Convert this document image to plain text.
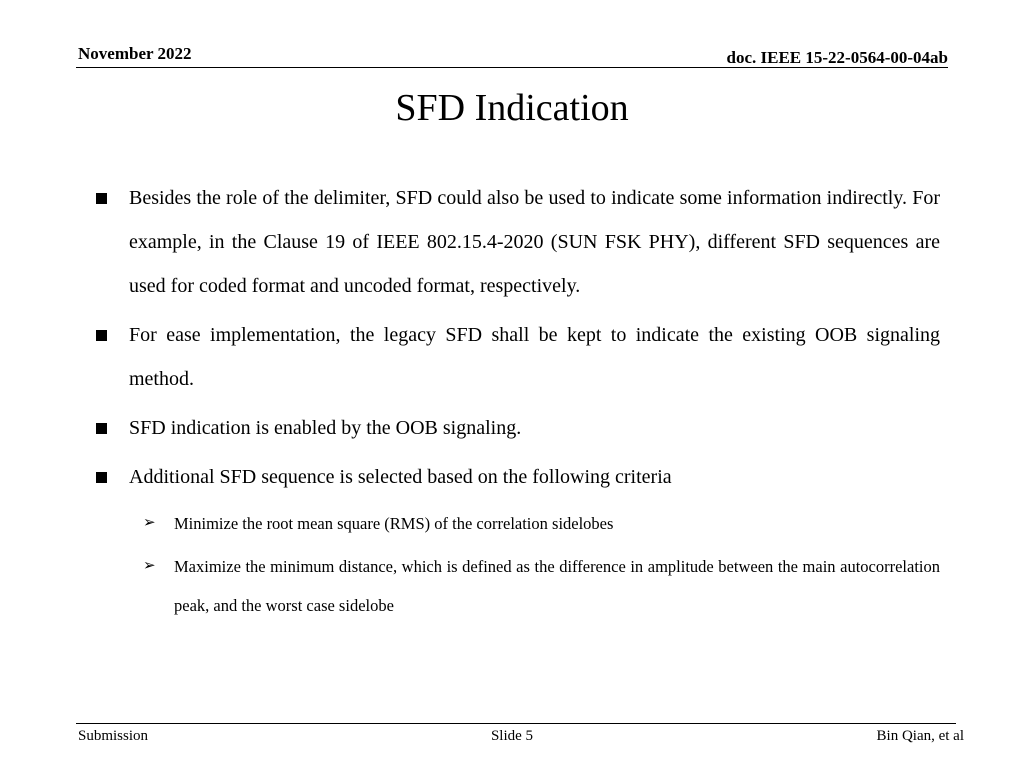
November 2022	doc. IEEE 15-22-0564-00-04ab
SFD Indication
Besides the role of the delimiter, SFD could also be used to indicate some information indirectly. For example, in the Clause 19 of IEEE 802.15.4-2020 (SUN FSK PHY), different SFD sequences are used for coded format and uncoded format, respectively.
For ease implementation, the legacy SFD shall be kept to indicate the existing OOB signaling method.
SFD indication is enabled by the OOB signaling.
Additional SFD sequence is selected based on the following criteria
➢	Minimize the root mean square (RMS) of the correlation sidelobes
➢	Maximize the minimum distance, which is defined as the difference in amplitude between the main autocorrelation peak, and the worst case sidelobe
Submission	Slide 5	Bin Qian, et al
